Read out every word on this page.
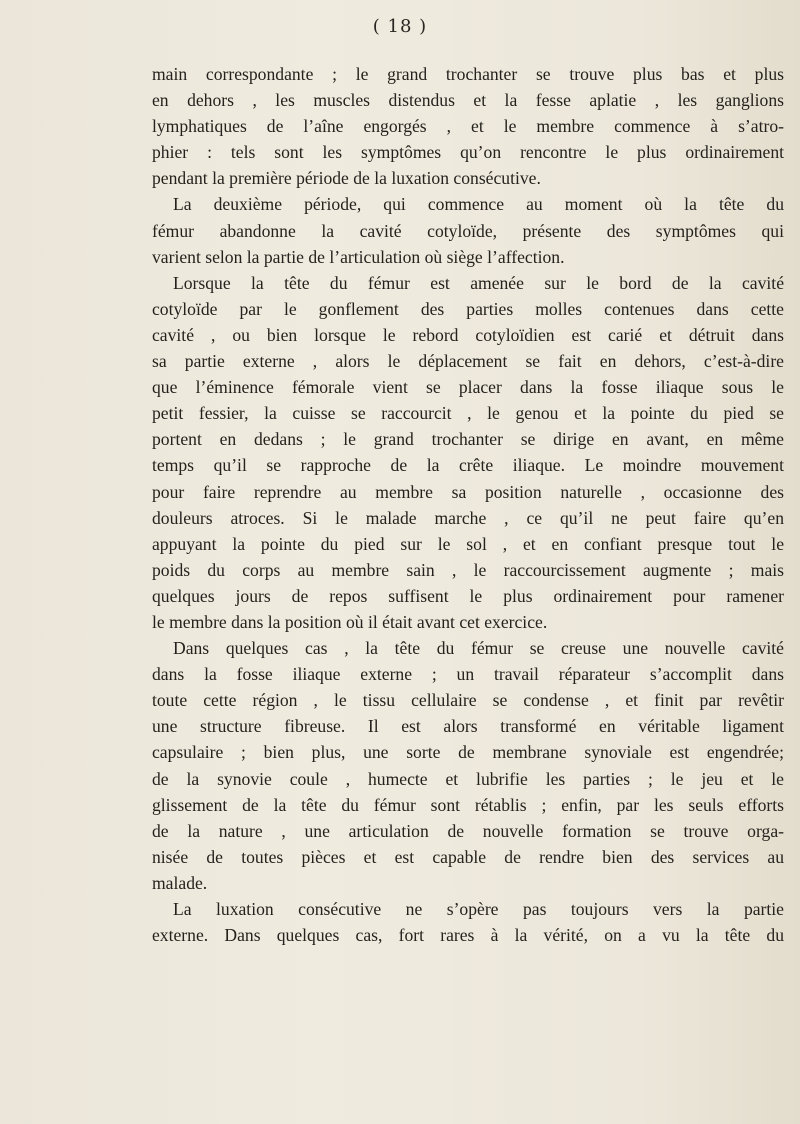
( 18 )
main correspondante ; le grand trochanter se trouve plus bas et plus
en dehors , les muscles distendus et la fesse aplatie , les ganglions
lymphatiques de l’aîne engorgés , et le membre commence à s’atro-
phier : tels sont les symptômes qu’on rencontre le plus ordinairement
pendant la première période de la luxation consécutive.
La deuxième période, qui commence au moment où la tête du
fémur abandonne la cavité cotyloïde, présente des symptômes qui
varient selon la partie de l’articulation où siège l’affection.
Lorsque la tête du fémur est amenée sur le bord de la cavité
cotyloïde par le gonflement des parties molles contenues dans cette
cavité , ou bien lorsque le rebord cotyloïdien est carié et détruit dans
sa partie externe , alors le déplacement se fait en dehors, c’est-à-dire
que l’éminence fémorale vient se placer dans la fosse iliaque sous le
petit fessier, la cuisse se raccourcit , le genou et la pointe du pied se
portent en dedans ; le grand trochanter se dirige en avant, en même
temps qu’il se rapproche de la crête iliaque. Le moindre mouvement
pour faire reprendre au membre sa position naturelle , occasionne des
douleurs atroces. Si le malade marche , ce qu’il ne peut faire qu’en
appuyant la pointe du pied sur le sol , et en confiant presque tout le
poids du corps au membre sain , le raccourcissement augmente ; mais
quelques jours de repos suffisent le plus ordinairement pour ramener
le membre dans la position où il était avant cet exercice.
Dans quelques cas , la tête du fémur se creuse une nouvelle cavité
dans la fosse iliaque externe ; un travail réparateur s’accomplit dans
toute cette région , le tissu cellulaire se condense , et finit par revêtir
une structure fibreuse. Il est alors transformé en véritable ligament
capsulaire ; bien plus, une sorte de membrane synoviale est engendrée;
de la synovie coule , humecte et lubrifie les parties ; le jeu et le
glissement de la tête du fémur sont rétablis ; enfin, par les seuls efforts
de la nature , une articulation de nouvelle formation se trouve orga-
nisée de toutes pièces et est capable de rendre bien des services au
malade.
La luxation consécutive ne s’opère pas toujours vers la partie
externe. Dans quelques cas, fort rares à la vérité, on a vu la tête du
